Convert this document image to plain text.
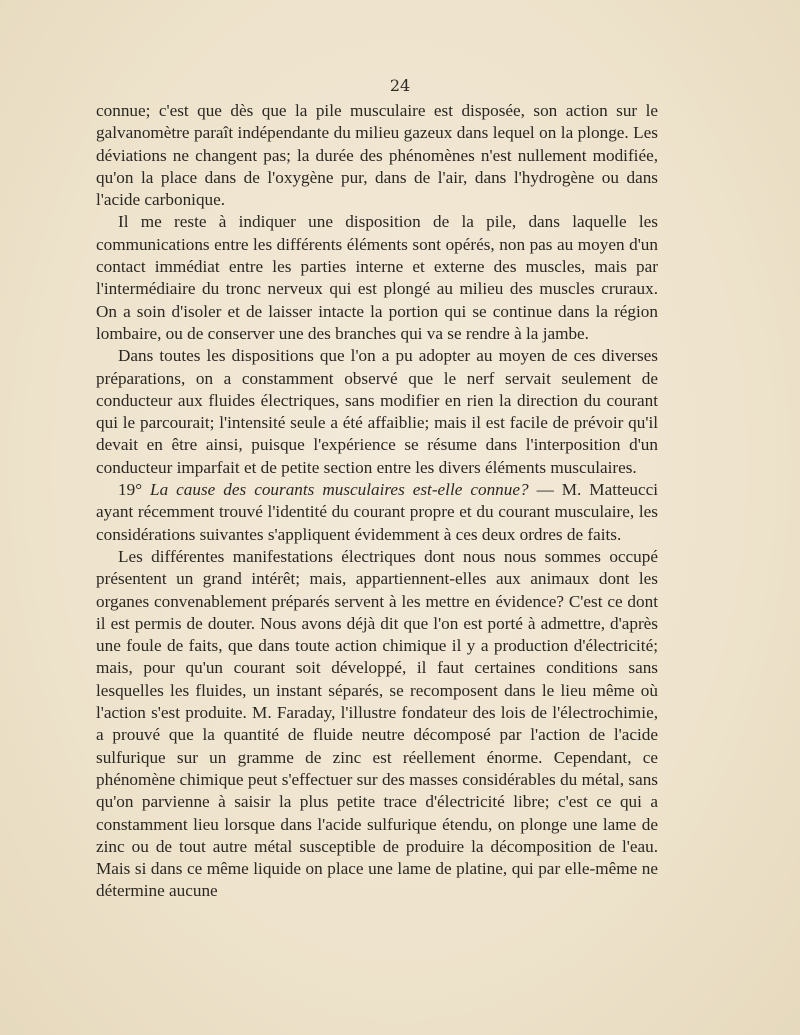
24

connue; c'est que dès que la pile musculaire est disposée, son action sur le galvanomètre paraît indépendante du milieu gazeux dans lequel on la plonge. Les déviations ne changent pas; la durée des phénomènes n'est nullement modifiée, qu'on la place dans de l'oxygène pur, dans de l'air, dans l'hydrogène ou dans l'acide carbonique.

Il me reste à indiquer une disposition de la pile, dans laquelle les communications entre les différents éléments sont opérés, non pas au moyen d'un contact immédiat entre les parties interne et externe des muscles, mais par l'intermédiaire du tronc nerveux qui est plongé au milieu des muscles cruraux. On a soin d'isoler et de laisser intacte la portion qui se continue dans la région lombaire, ou de conserver une des branches qui va se rendre à la jambe.

Dans toutes les dispositions que l'on a pu adopter au moyen de ces diverses préparations, on a constamment observé que le nerf servait seulement de conducteur aux fluides électriques, sans modifier en rien la direction du courant qui le parcourait; l'intensité seule a été affaiblie; mais il est facile de prévoir qu'il devait en être ainsi, puisque l'expérience se résume dans l'interposition d'un conducteur imparfait et de petite section entre les divers éléments musculaires.

19° La cause des courants musculaires est-elle connue? — M. Matteucci ayant récemment trouvé l'identité du courant propre et du courant musculaire, les considérations suivantes s'appliquent évidemment à ces deux ordres de faits.

Les différentes manifestations électriques dont nous nous sommes occupé présentent un grand intérêt; mais, appartiennent-elles aux animaux dont les organes convenablement préparés servent à les mettre en évidence? C'est ce dont il est permis de douter. Nous avons déjà dit que l'on est porté à admettre, d'après une foule de faits, que dans toute action chimique il y a production d'électricité; mais, pour qu'un courant soit développé, il faut certaines conditions sans lesquelles les fluides, un instant séparés, se recomposent dans le lieu même où l'action s'est produite. M. Faraday, l'illustre fondateur des lois de l'électrochimie, a prouvé que la quantité de fluide neutre décomposé par l'action de l'acide sulfurique sur un gramme de zinc est réellement énorme. Cependant, ce phénomène chimique peut s'effectuer sur des masses considérables du métal, sans qu'on parvienne à saisir la plus petite trace d'électricité libre; c'est ce qui a constamment lieu lorsque dans l'acide sulfurique étendu, on plonge une lame de zinc ou de tout autre métal susceptible de produire la décomposition de l'eau. Mais si dans ce même liquide on place une lame de platine, qui par elle-même ne détermine aucune
